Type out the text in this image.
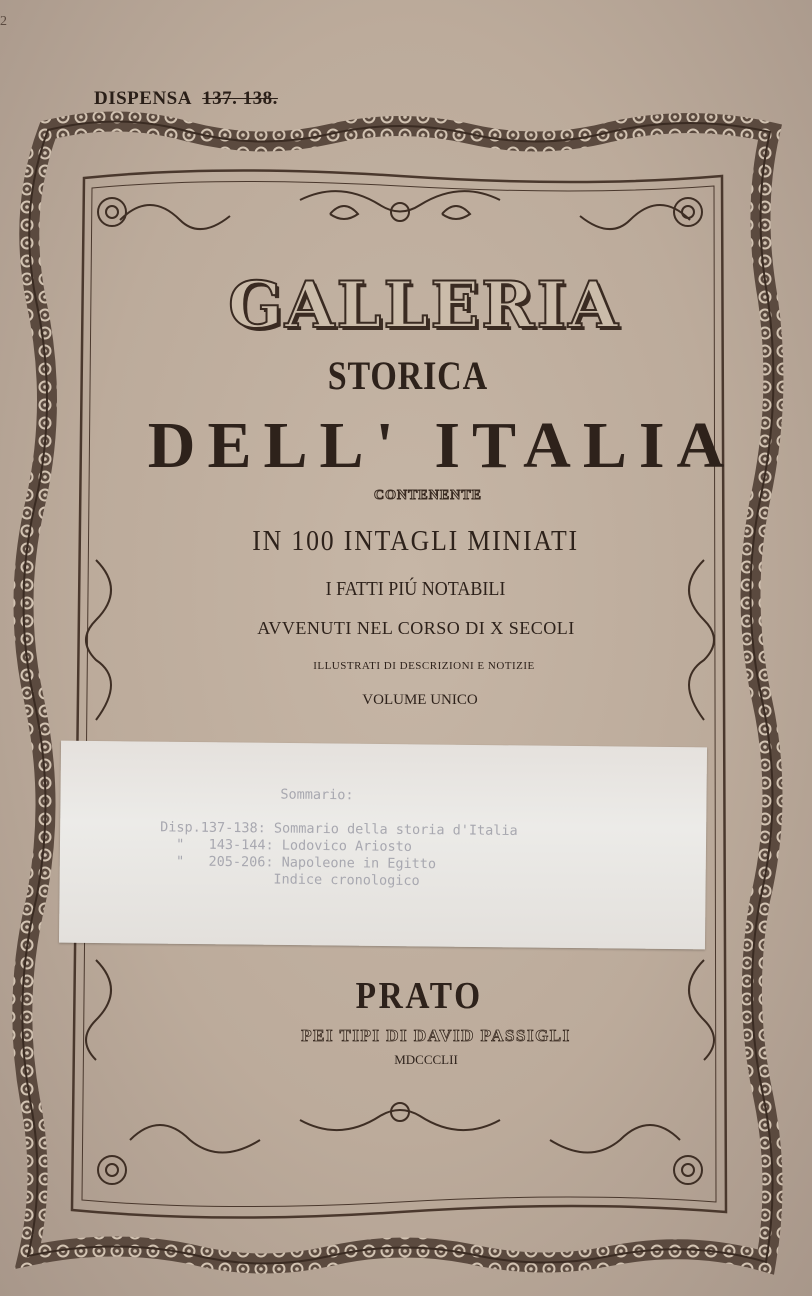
2
DISPENSA 137. 138.
GALLERIA
STORICA
DELL' ITALIA
CONTENENTE
IN 100 INTAGLI MINIATI
I FATTI PIÚ NOTABILI
AVVENUTI NEL CORSO DI X SECOLI
ILLUSTRATI DI DESCRIZIONI E NOTIZIE
VOLUME UNICO
Sommario:
Disp.137-138: Sommario della storia d'Italia
"   143-144: Lodovico Ariosto
"   205-206: Napoleone in Egitto
Indice cronologico
PRATO
PEI TIPI DI DAVID PASSIGLI
MDCCCLII
